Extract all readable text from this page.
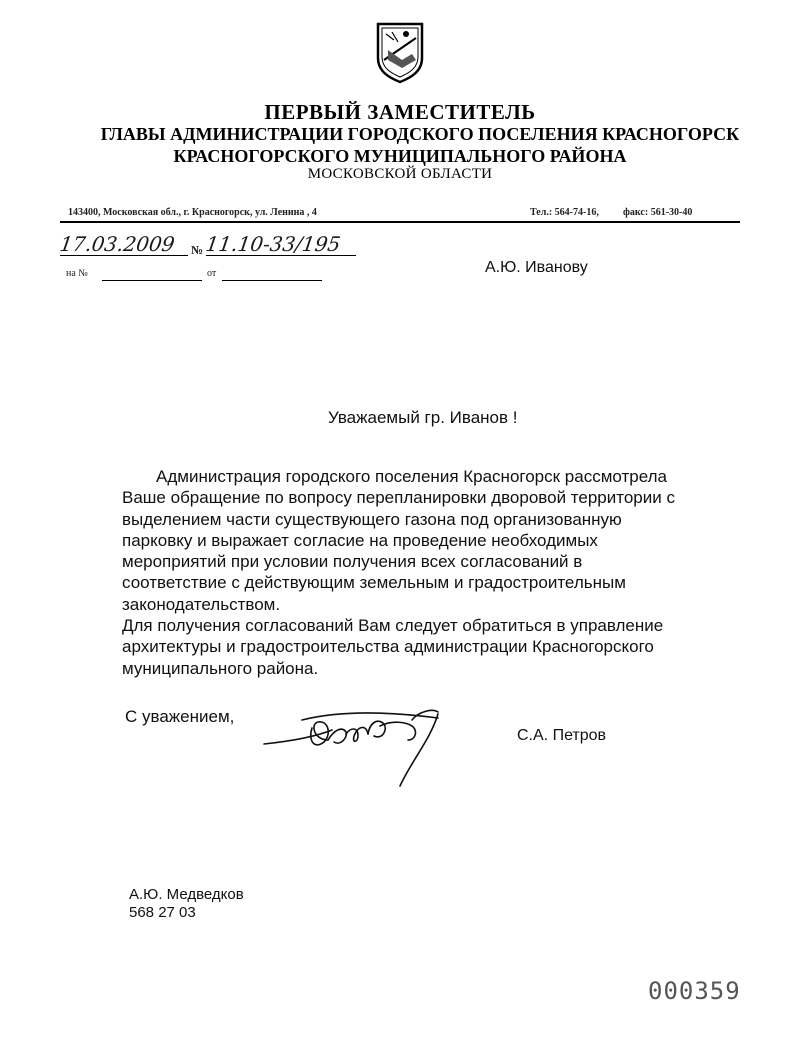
ПЕРВЫЙ ЗАМЕСТИТЕЛЬ
ГЛАВЫ АДМИНИСТРАЦИИ ГОРОДСКОГО ПОСЕЛЕНИЯ КРАСНОГОРСК
КРАСНОГОРСКОГО МУНИЦИПАЛЬНОГО РАЙОНА
МОСКОВСКОЙ ОБЛАСТИ
143400, Московская обл., г. Красногорск, ул. Ленина , 4	Тел.: 564-74-16, факс: 561-30-40
17.03.2009 № 11.10-33/195
на №	от	А.Ю. Иванову
Уважаемый гр. Иванов !
Администрация городского поселения Красногорск рассмотрела
Ваше обращение по вопросу перепланировки дворовой территории с
выделением части существующего газона под организованную
парковку и выражает согласие на проведение необходимых
мероприятий при условии получения всех согласований в
соответствие с действующим земельным и градостроительным
законодательством.
Для получения согласований Вам следует обратиться в управление
архитектуры и градостроительства администрации Красногорского
муниципального района.
С уважением,
С.А. Петров
А.Ю. Медведков
568 27 03
000359
